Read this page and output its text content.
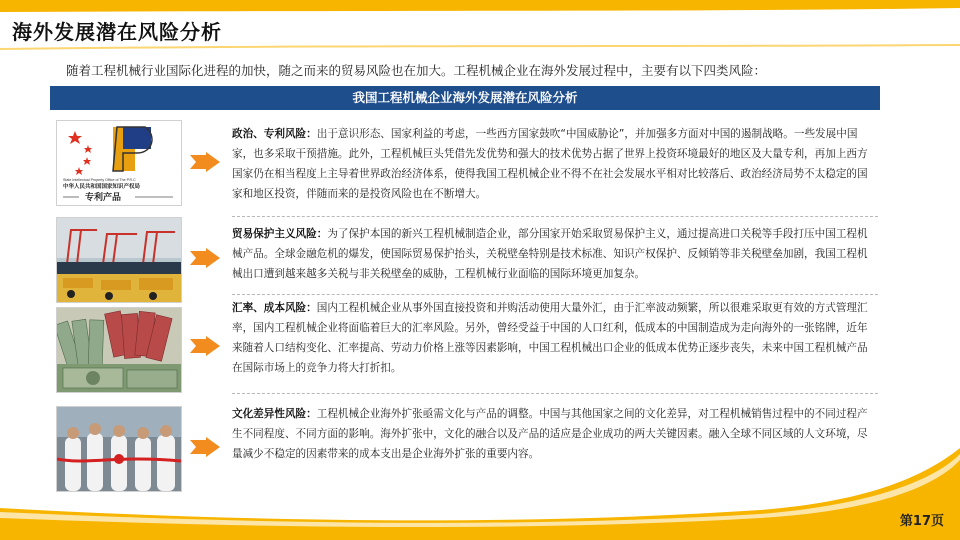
海外发展潜在风险分析

随着工程机械行业国际化进程的加快，随之而来的贸易风险也在加大。工程机械企业在海外发展过程中，主要有以下四类风险：

我国工程机械企业海外发展潜在风险分析
State Intellectual Property Office of The P.R.C
中华人民共和国国家知识产权局
专利产品

政治、专利风险：出于意识形态、国家利益的考虑，一些西方国家鼓吹“中国威胁论”，并加强多方面对中国的遏制战略。一些发展中国家，也多采取干预措施。此外，工程机械巨头凭借先发优势和强大的技术优势占据了世界上投资环境最好的地区及大量专利，再加上西方国家仍在相当程度上主导着世界政治经济体系，使得我国工程机械企业不得不在社会发展水平相对比较落后、政治经济局势不太稳定的国家和地区投资，伴随而来的是投资风险也在不断增大。

贸易保护主义风险：为了保护本国的新兴工程机械制造企业，部分国家开始采取贸易保护主义，通过提高进口关税等手段打压中国工程机械产品。全球金融危机的爆发，使国际贸易保护抬头，关税壁垒特别是技术标准、知识产权保护、反倾销等非关税壁垒加剧，我国工程机械出口遭到越来越多关税与非关税壁垒的威胁，工程机械行业面临的国际环境更加复杂。

汇率、成本风险：国内工程机械企业从事外国直接投资和并购活动使用大量外汇，由于汇率波动频繁，所以很难采取更有效的方式管理汇率，国内工程机械企业将面临着巨大的汇率风险。另外，曾经受益于中国的人口红利，低成本的中国制造成为走向海外的一张铭牌，近年来随着人口结构变化、汇率提高、劳动力价格上涨等因素影响，中国工程机械出口企业的低成本优势正逐步丧失，未来中国工程机械产品在国际市场上的竞争力将大打折扣。

文化差异性风险：工程机械企业海外扩张亟需文化与产品的调整。中国与其他国家之间的文化差异，对工程机械销售过程中的不同过程产生不同程度、不同方面的影响。海外扩张中，文化的融合以及产品的适应是企业成功的两大关键因素。融入全球不同区域的人文环境，尽量减少不稳定的因素带来的成本支出是企业海外扩张的重要内容。

第17页
